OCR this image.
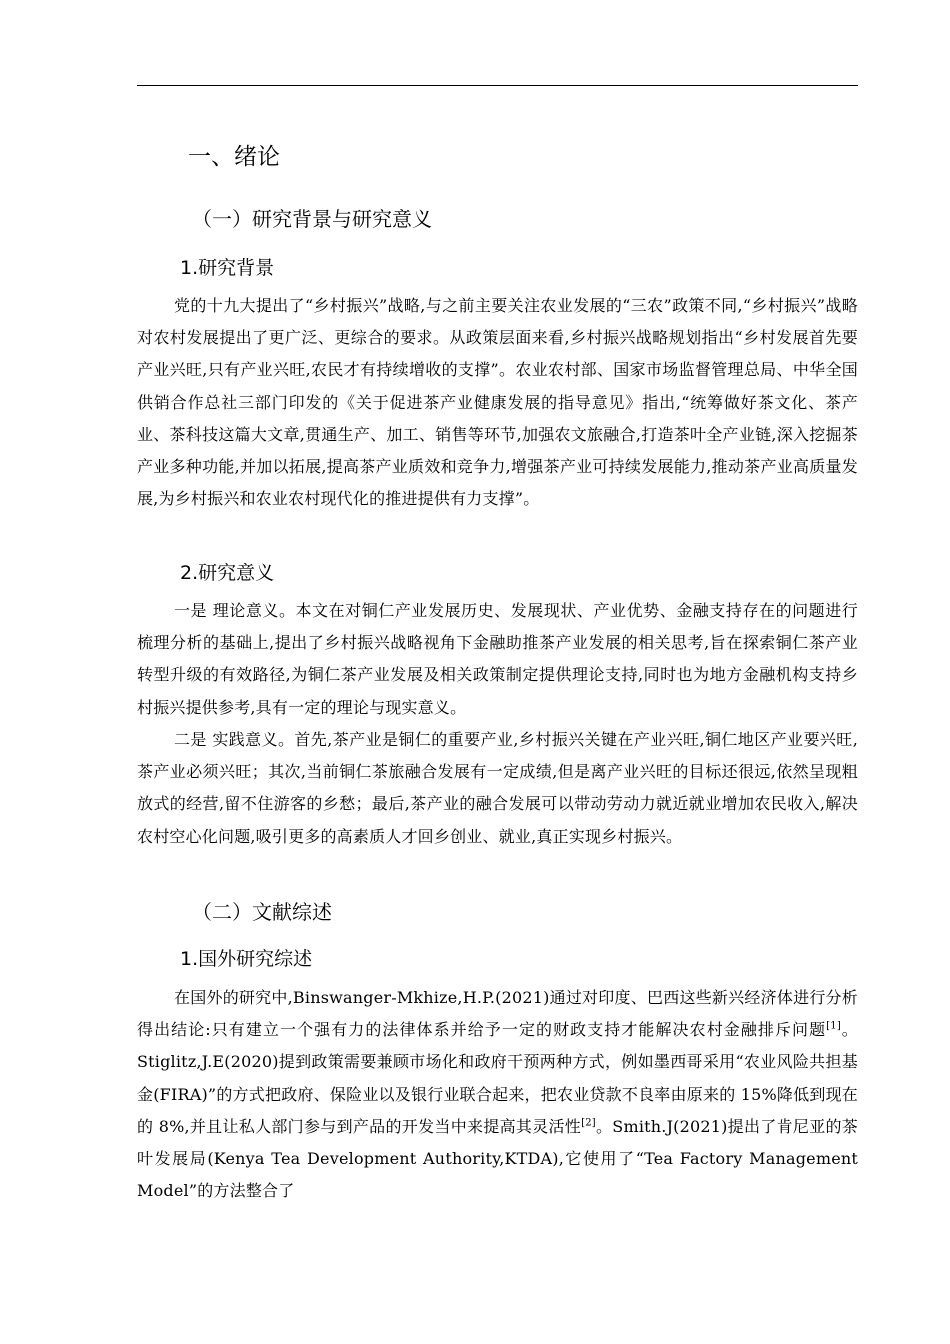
一、绪论
（一）研究背景与研究意义
1.研究背景
党的十九大提出了“乡村振兴”战略,与之前主要关注农业发展的“三农”政策不同,“乡村振兴”战略对农村发展提出了更广泛、更综合的要求。从政策层面来看,乡村振兴战略规划指出“乡村发展首先要产业兴旺,只有产业兴旺,农民才有持续增收的支撑”。农业农村部、国家市场监督管理总局、中华全国供销合作总社三部门印发的《关于促进茶产业健康发展的指导意见》指出,“统筹做好茶文化、茶产业、茶科技这篇大文章,贯通生产、加工、销售等环节,加强农文旅融合,打造茶叶全产业链,深入挖掘茶产业多种功能,并加以拓展,提高茶产业质效和竞争力,增强茶产业可持续发展能力,推动茶产业高质量发展,为乡村振兴和农业农村现代化的推进提供有力支撑”。
2.研究意义
一是 理论意义。本文在对铜仁产业发展历史、发展现状、产业优势、金融支持存在的问题进行梳理分析的基础上,提出了乡村振兴战略视角下金融助推茶产业发展的相关思考,旨在探索铜仁茶产业转型升级的有效路径,为铜仁茶产业发展及相关政策制定提供理论支持,同时也为地方金融机构支持乡村振兴提供参考,具有一定的理论与现实意义。
二是 实践意义。首先,茶产业是铜仁的重要产业,乡村振兴关键在产业兴旺,铜仁地区产业要兴旺,茶产业必须兴旺；其次,当前铜仁茶旅融合发展有一定成绩,但是离产业兴旺的目标还很远,依然呈现粗放式的经营,留不住游客的乡愁；最后,茶产业的融合发展可以带动劳动力就近就业增加农民收入,解决农村空心化问题,吸引更多的高素质人才回乡创业、就业,真正实现乡村振兴。
（二）文献综述
1.国外研究综述
在国外的研究中,Binswanger-Mkhize,H.P.(2021)通过对印度、巴西这些新兴经济体进行分析得出结论:只有建立一个强有力的法律体系并给予一定的财政支持才能解决农村金融排斥问题[1]。Stiglitz,J.E(2020)提到政策需要兼顾市场化和政府干预两种方式，例如墨西哥采用“农业风险共担基金(FIRA)”的方式把政府、保险业以及银行业联合起来，把农业贷款不良率由原来的 15%降低到现在的 8%,并且让私人部门参与到产品的开发当中来提高其灵活性[2]。Smith.J(2021)提出了肯尼亚的茶叶发展局(Kenya Tea Development Authority,KTDA),它使用了“Tea Factory Management Model”的方法整合了
